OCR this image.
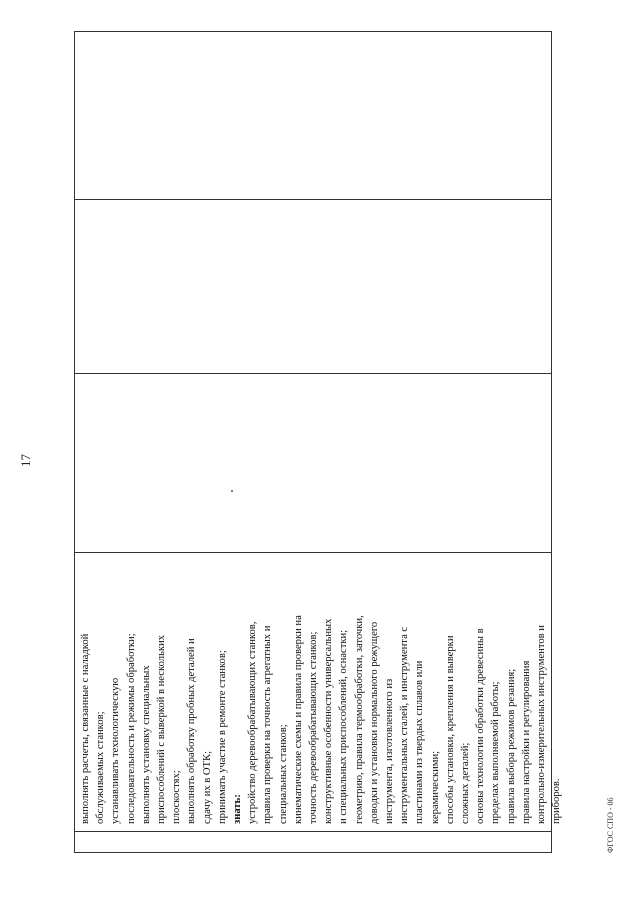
17
выполнять расчеты, связанные с наладкой обслуживаемых станков; устанавливать технологическую последовательность и режимы обработки; выполнять установку специальных приспособлений с выверкой в нескольких плоскостях; выполнять обработку пробных деталей и сдачу их в ОТК; принимать участие в ремонте станков; знать: устройство деревообрабатывающих станков, правила проверки на точность агрегатных и специальных станков; кинематические схемы и правила проверки на точность деревообрабатывающих станков; конструктивные особенности универсальных и специальных приспособлений, оснастки; геометрию, правила термообработки, заточки, доводки и установки нормального режущего инструмента, изготовленного из инструментальных сталей, и инструмента с пластинами из твердых сплавов или керамическими; способы установки, крепления и выверки сложных деталей; основы технологии обработки древесины в пределах выполняемой работы; правила выбора режимов резания; правила настройки и регулирования контрольно-измерительных инструментов и приборов.	ФГОС СПО - 06
